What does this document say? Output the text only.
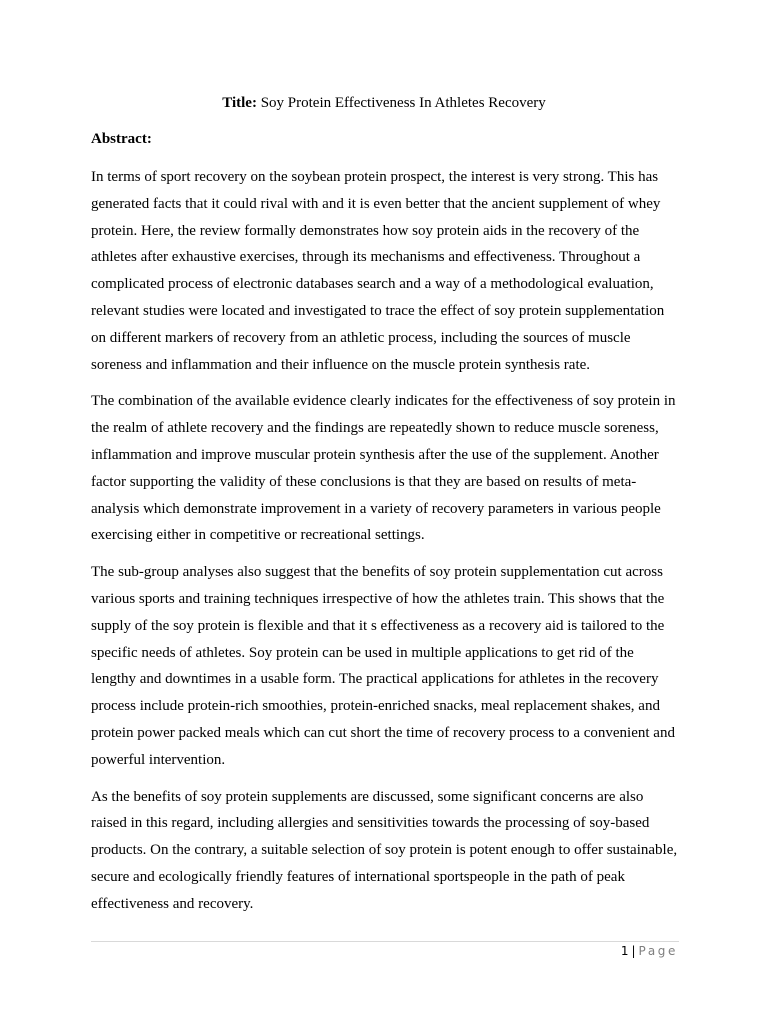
Title: Soy Protein Effectiveness In Athletes Recovery
Abstract:

In terms of sport recovery on the soybean protein prospect, the interest is very strong. This has generated facts that it could rival with and it is even better that the ancient supplement of whey protein. Here, the review formally demonstrates how soy protein aids in the recovery of the athletes after exhaustive exercises, through its mechanisms and effectiveness. Throughout a complicated process of electronic databases search and a way of a methodological evaluation, relevant studies were located and investigated to trace the effect of soy protein supplementation on different markers of recovery from an athletic process, including the sources of muscle soreness and inflammation and their influence on the muscle protein synthesis rate.

The combination of the available evidence clearly indicates for the effectiveness of soy protein in the realm of athlete recovery and the findings are repeatedly shown to reduce muscle soreness, inflammation and improve muscular protein synthesis after the use of the supplement. Another factor supporting the validity of these conclusions is that they are based on results of meta-analysis which demonstrate improvement in a variety of recovery parameters in various people exercising either in competitive or recreational settings.

The sub-group analyses also suggest that the benefits of soy protein supplementation cut across various sports and training techniques irrespective of how the athletes train. This shows that the supply of the soy protein is flexible and that it s effectiveness as a recovery aid is tailored to the specific needs of athletes. Soy protein can be used in multiple applications to get rid of the lengthy and downtimes in a usable form. The practical applications for athletes in the recovery process include protein-rich smoothies, protein-enriched snacks, meal replacement shakes, and protein power packed meals which can cut short the time of recovery process to a convenient and powerful intervention.

As the benefits of soy protein supplements are discussed, some significant concerns are also raised in this regard, including allergies and sensitivities towards the processing of soy-based products. On the contrary, a suitable selection of soy protein is potent enough to offer sustainable, secure and ecologically friendly features of international sportspeople in the path of peak effectiveness and recovery.

1 | Page
